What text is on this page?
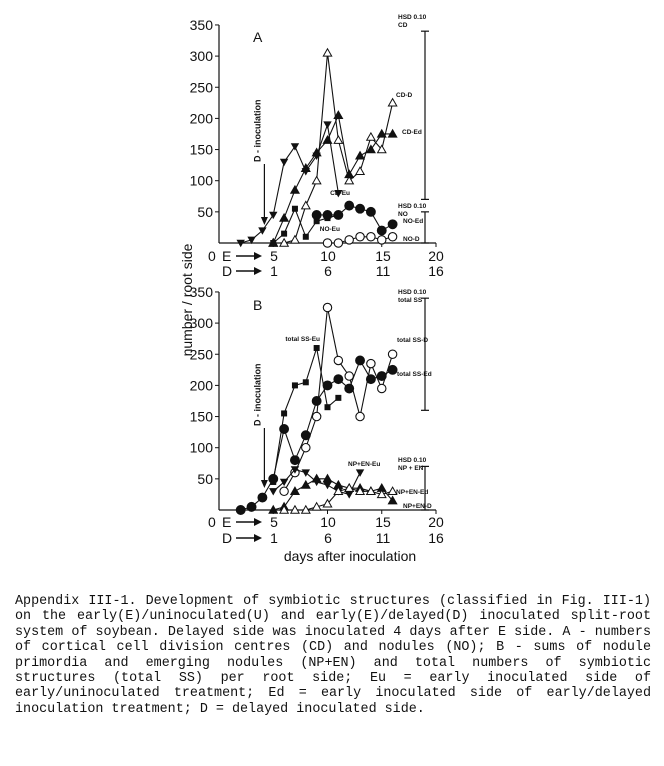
50
100
150
200
250
300
350
A
D - inoculation
CD-D
CD-Ed
CD-Eu
NO-Eu
NO-Ed
NO-D
HSD 0.10
CD
HSD 0.10
NO
50
100
150
200
250
300
350
B
D - inoculation
total SS-D
total SS-Ed
total SS-Eu
NP+EN-Eu
NP+EN-Ed
NP+EN-D
HSD 0.10
total SS
HSD 0.10
NP + EN
number / root side 0 E
D
5	10	15	20
1	6	11	16
0 E
D
5	10	15	20
1	6	11	16
days after inoculation
Appendix III-1. Development of symbiotic structures (classified in Fig. III-1) on the early(E)/uninoculated(U) and early(E)/delayed(D) inoculated split-root system of soybean. Delayed side was inoculated 4 days after E side. A - numbers of cortical cell division centres (CD) and nodules (NO); B - sums of nodule primordia and emerging nodules (NP+EN) and total numbers of symbiotic structures (total SS) per root side; Eu = early inoculated side of early/uninoculated treatment; Ed = early inoculated side of early/delayed inoculation treatment; D = delayed inoculated side.
